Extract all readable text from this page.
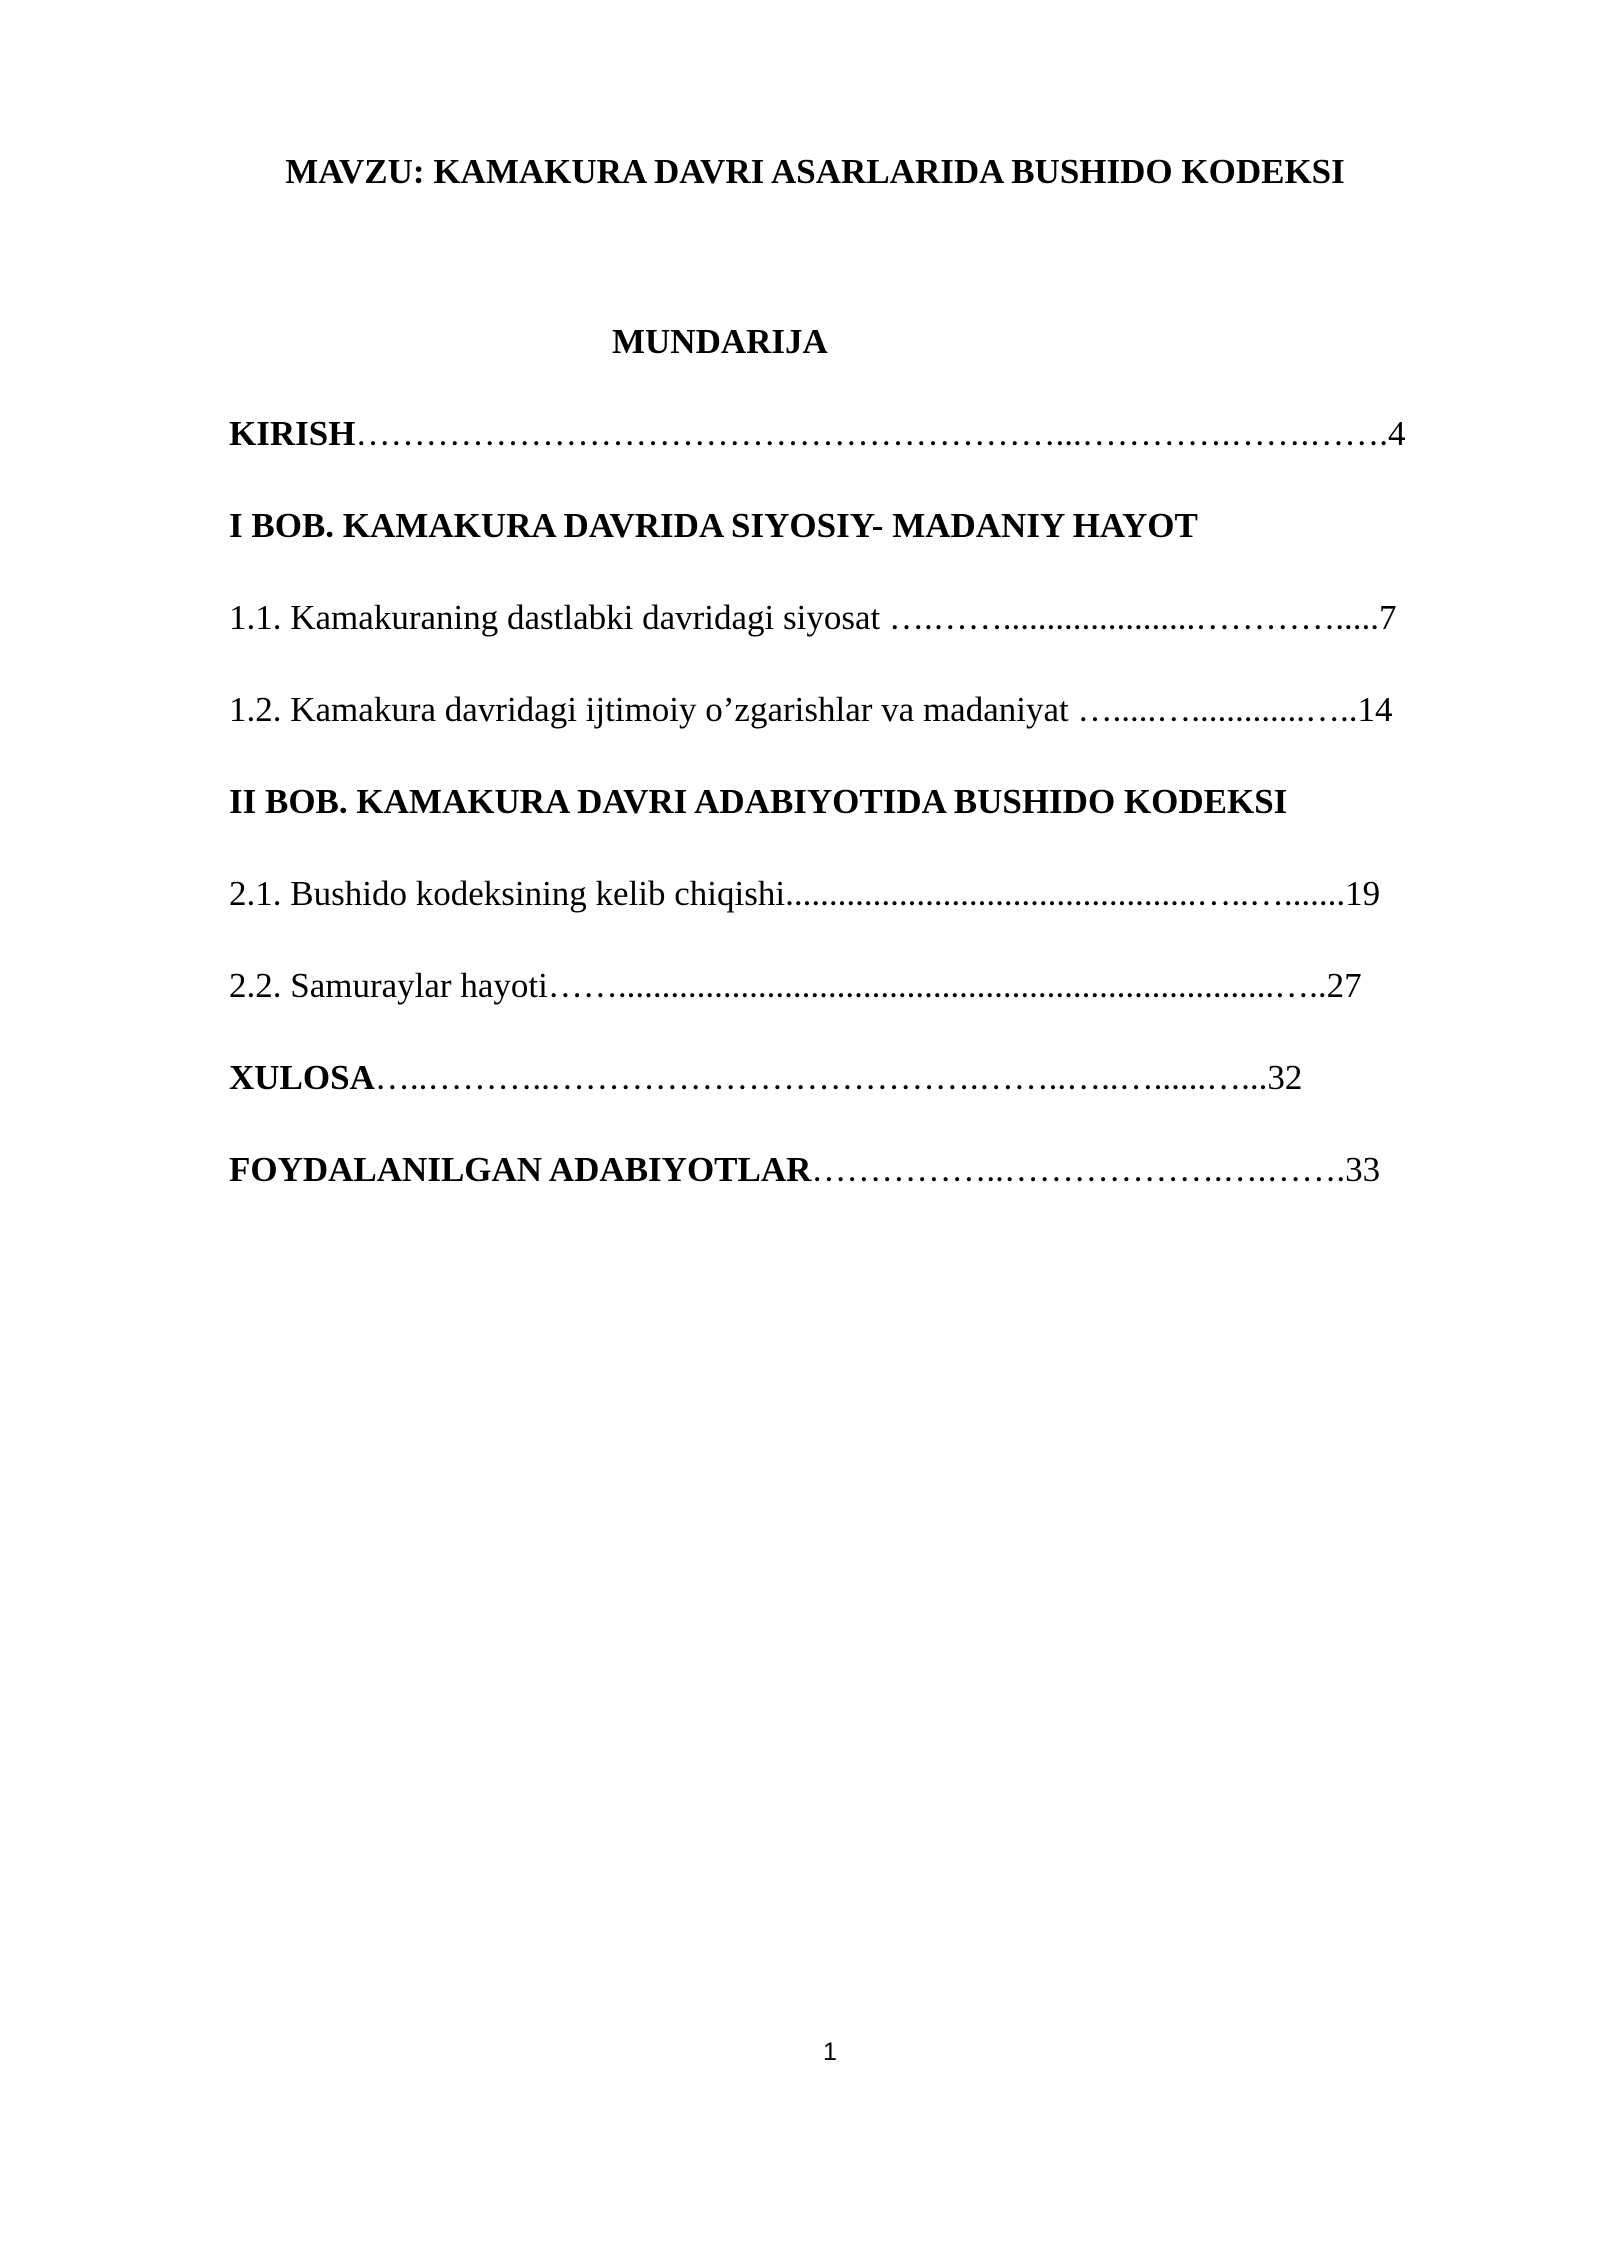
MAVZU: KAMAKURA DAVRI ASARLARIDA BUSHIDO KODEKSI
MUNDARIJA
KIRISH……………………………………………………...………….…….…….4
I BOB. KAMAKURA DAVRIDA SIYOSIY- MADANIY HAYOT
1.1. Kamakuraning dastlabki davridagi siyosat ….……......................………….....7
1.2. Kamakura davridagi ijtimoiy o’zgarishlar va madaniyat ….....….............…..14
II BOB. KAMAKURA DAVRI ADABIYOTIDA BUSHIDO KODEKSI
2.1. Bushido kodeksining kelib chiqishi...............................................…..….......19
2.2. Samuraylar hayoti……...........................................................................…..27
XULOSA…..………..……………………………….……..…..…......…...32
FOYDALANILGAN ADABIYOTLAR……………..……………….….…….33
1
